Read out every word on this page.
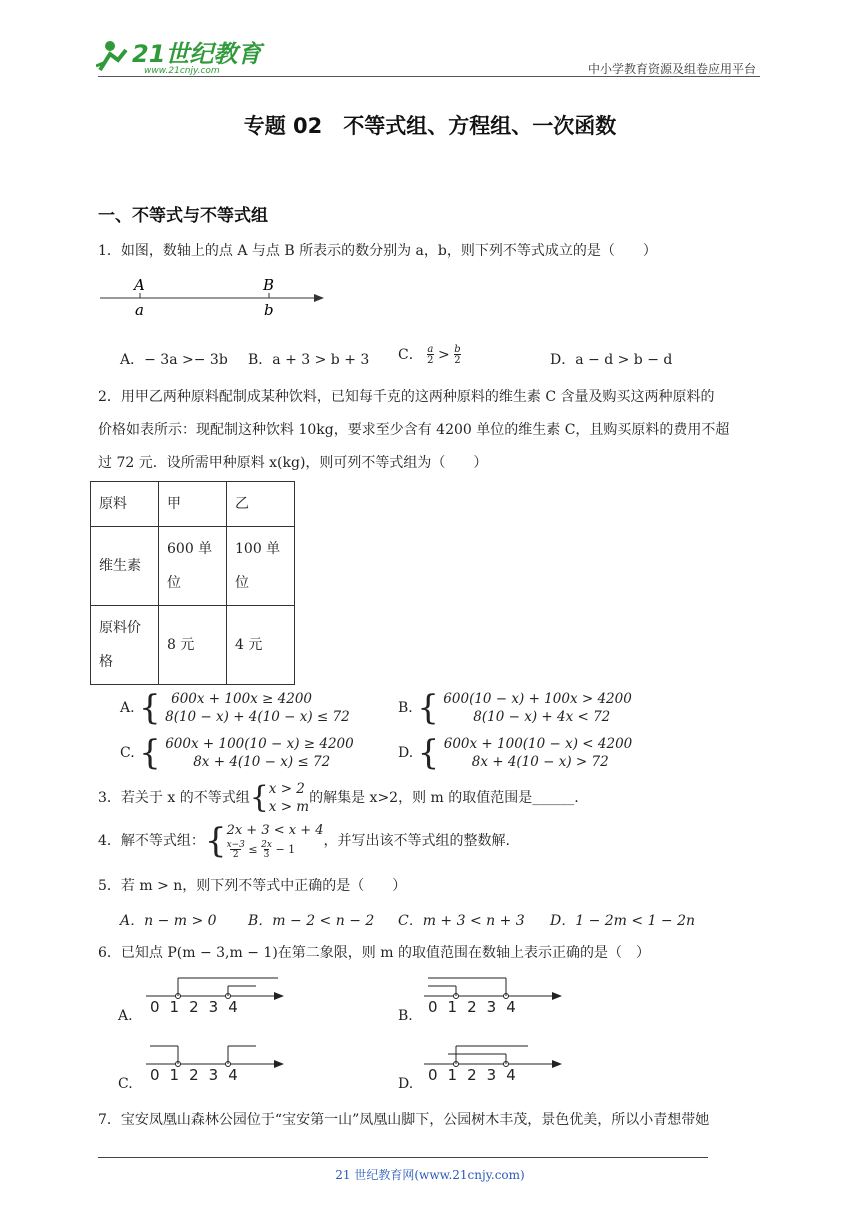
21世纪教育
www.21cnjy.com	中小学教育资源及组卷应用平台
专题 02　不等式组、方程组、一次函数
一、不等式与不等式组
1．如图，数轴上的点 A 与点 B 所表示的数分别为 a，b，则下列不等式成立的是（　　）
A	B
a	b
A．− 3a >− 3b B．a + 3 > b + 3 C． $\frac{a}{2} > \frac{b}{2}$	D．a − d > b − d
2．用甲乙两种原料配制成某种饮料，已知每千克的这两种原料的维生素 C 含量及购买这两种原料的
价格如表所示：现配制这种饮料 10kg，要求至少含有 4200 单位的维生素 C，且购买原料的费用不超
过 72 元．设所需甲种原料 x(kg)，则可列不等式组为（　　）
原料	甲	乙
维生素	600 单位	100 单位
原料价格	8 元	4 元
A. { 600x + 100x ≥ 4200
8(10 − x) + 4(10 − x) ≤ 72
B. { 600(10 − x) + 100x > 4200
8(10 − x) + 4x < 72
C. { 600x + 100(10 − x) ≥ 4200
8x + 4(10 − x) ≤ 72
D. { 600x + 100(10 − x) < 4200
8x + 4(10 − x) > 72
3．若关于 x 的不等式组{ x > 2
x > m
的解集是 x>2，则 m 的取值范围是______.
4．解不等式组：{ 2x + 3 < x + 4
x−3
2  ≤ 2x
3 − 1
，并写出该不等式组的整数解.
5．若 m > n，则下列不等式中正确的是（　　）
A．n − m > 0 B．m − 2 < n − 2 C．m + 3 < n + 3 D．1 − 2m < 1 − 2n
6．已知点 P(m − 3,m − 1)在第二象限，则 m 的取值范围在数轴上表示正确的是（　）
A. 01234	B. 01234
C. 01234	D. 01234
7．宝安凤凰山森林公园位于“宝安第一山”凤凰山脚下，公园树木丰茂，景色优美，所以小青想带她
21 世纪教育网(www.21cnjy.com)
